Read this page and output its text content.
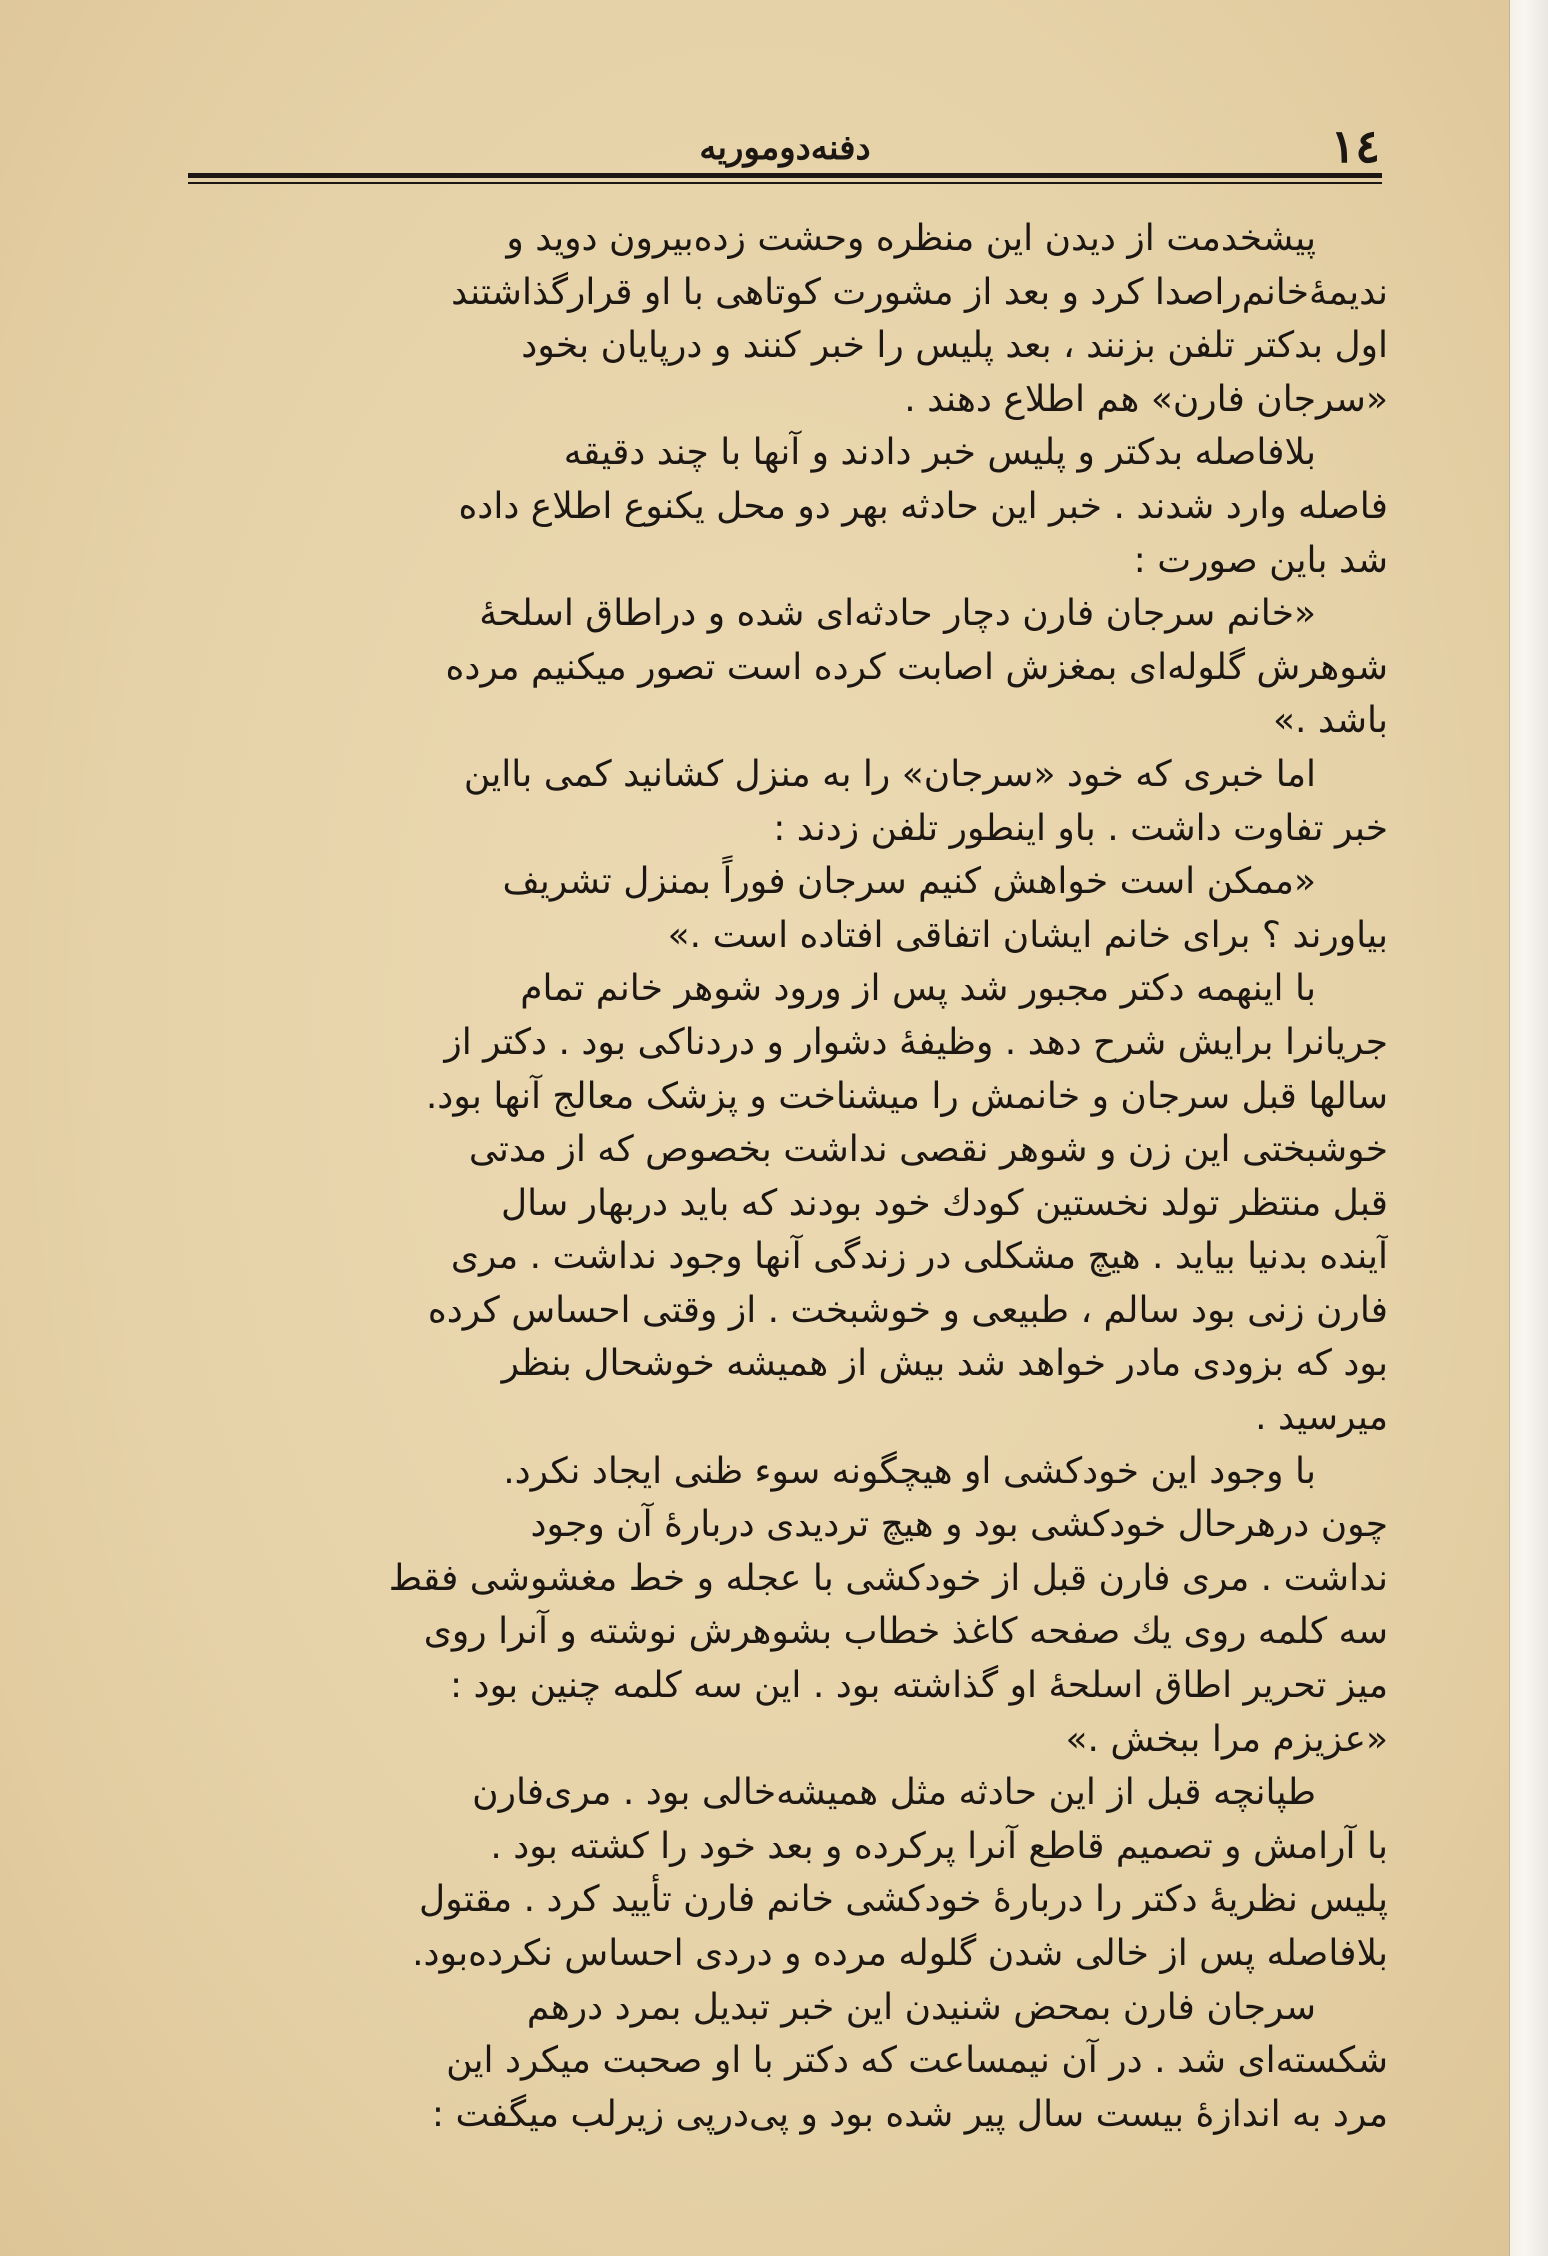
١٤
دفنه‌دوموریه
پیشخدمت از دیدن این منظره وحشت زده‌بیرون دوید و
ندیمهٔ‌خانم‌راصدا کرد و بعد از مشورت کوتاهی با او قرارگذاشتند
اول بدکتر تلفن بزنند ، بعد پلیس را خبر کنند و درپایان بخود
«سرجان فارن» هم اطلاع دهند .
بلافاصله بدکتر و پلیس خبر دادند و آنها با چند دقیقه
فاصله وارد شدند . خبر این حادثه بهر دو محل یکنوع اطلاع داده
شد باین صورت :
«خانم سرجان فارن دچار حادثه‌ای شده و دراطاق اسلحهٔ
شوهرش گلوله‌ای بمغزش اصابت کرده است تصور میکنیم مرده
باشد .»
اما خبری که خود «سرجان» را به منزل کشانید کمی بااین
خبر تفاوت داشت . باو اینطور تلفن زدند :
«ممکن است خواهش کنیم سرجان فوراً بمنزل تشریف
بیاورند ؟ برای خانم ایشان اتفاقی افتاده است .»
با اینهمه دکتر مجبور شد پس از ورود شوهر خانم تمام
جریانرا برایش شرح دهد . وظیفهٔ دشوار و دردناکی بود . دکتر از
سالها قبل سرجان و خانمش را میشناخت و پزشک معالج آنها بود.
خوشبختی این زن و شوهر نقصی نداشت بخصوص که از مدتی
قبل منتظر تولد نخستین کودك خود بودند که باید دربهار سال
آینده بدنیا بیاید . هیچ مشکلی در زندگی آنها وجود نداشت . مری
فارن زنی بود سالم ، طبیعی و خوشبخت . از وقتی احساس کرده
بود که بزودی مادر خواهد شد بیش از همیشه خوشحال بنظر
میرسید .
با وجود این خودکشی او هیچگونه سوء ظنی ایجاد نکرد.
چون درهرحال خودکشی بود و هیچ تردیدی دربارهٔ آن وجود
نداشت . مری فارن قبل از خودکشی با عجله و خط مغشوشی فقط
سه کلمه روی یك صفحه کاغذ خطاب بشوهرش نوشته و آنرا روی
میز تحریر اطاق اسلحهٔ او گذاشته بود . این سه کلمه چنین بود :
«عزیزم مرا ببخش .»
طپانچه قبل از این حادثه مثل همیشه‌خالی بود . مری‌فارن
با آرامش و تصمیم قاطع آنرا پرکرده و بعد خود را کشته بود .
پلیس نظریهٔ دکتر را دربارهٔ خودکشی خانم فارن تأیید کرد . مقتول
بلافاصله پس از خالی شدن گلوله مرده و دردی احساس نکرده‌بود.
سرجان فارن بمحض شنیدن این خبر تبدیل بمرد درهم
شکسته‌ای شد . در آن نیمساعت که دکتر با او صحبت میکرد این
مرد به اندازهٔ بیست سال پیر شده بود و پی‌درپی زیرلب میگفت :
